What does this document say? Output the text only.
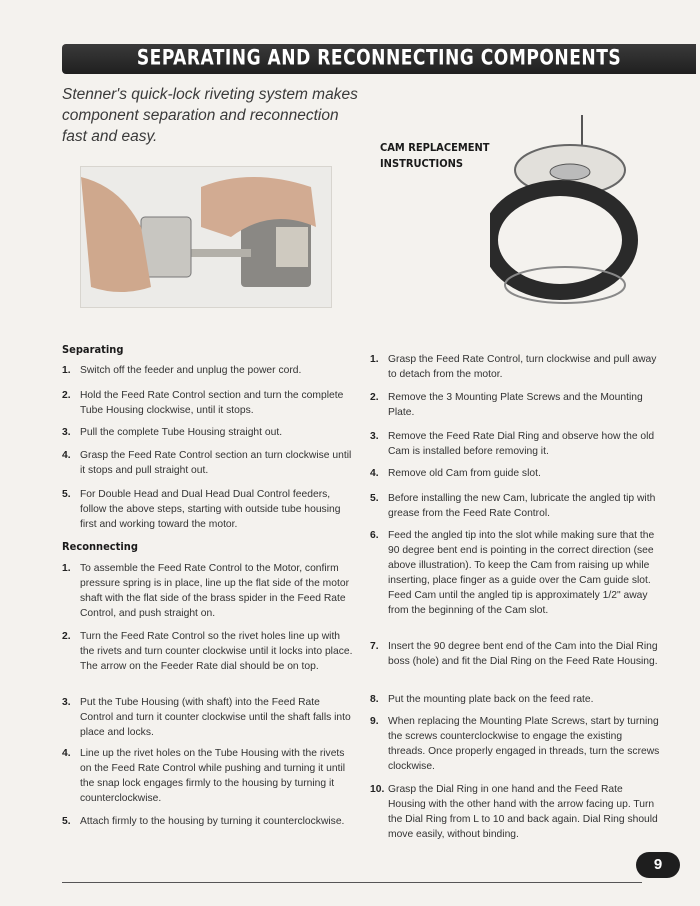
SEPARATING AND RECONNECTING COMPONENTS
Stenner's quick-lock riveting system makes component separation and reconnection fast and easy.
CAM REPLACEMENT INSTRUCTIONS
Separating
Reconnecting
1. Switch off the feeder and unplug the power cord.
2. Hold the Feed Rate Control section and turn the complete Tube Housing clockwise, until it stops.
3. Pull the complete Tube Housing straight out.
4. Grasp the Feed Rate Control section an turn clockwise until it stops and pull straight out.
5. For Double Head and Dual Head Dual Control feeders, follow the above steps, starting with outside tube housing first and working toward the motor.
1. To assemble the Feed Rate Control to the Motor, confirm pressure spring is in place, line up the flat side of the motor shaft with the flat side of the brass spider in the Feed Rate Control, and push straight on.
2. Turn the Feed Rate Control so the rivet holes line up with the rivets and turn counter clockwise until it locks into place. The arrow on the Feeder Rate dial should be on top.
3. Put the Tube Housing (with shaft) into the Feed Rate Control and turn it counter clockwise until the shaft falls into place and locks.
4. Line up the rivet holes on the Tube Housing with the rivets on the Feed Rate Control while pushing and turning it until the snap lock engages firmly to the housing by turning it counterclockwise.
5. Attach firmly to the housing by turning it counterclockwise.
1. Grasp the Feed Rate Control, turn clockwise and pull away to detach from the motor.
2. Remove the 3 Mounting Plate Screws and the Mounting Plate.
3. Remove the Feed Rate Dial Ring and observe how the old Cam is installed before removing it.
4. Remove old Cam from guide slot.
5. Before installing the new Cam, lubricate the angled tip with grease from the Feed Rate Control.
6. Feed the angled tip into the slot while making sure that the 90 degree bent end is pointing in the correct direction (see above illustration). To keep the Cam from raising up while inserting, place finger as a guide over the Cam guide slot. Feed Cam until the angled tip is approximately 1/2" away from the beginning of the Cam slot.
7. Insert the 90 degree bent end of the Cam into the Dial Ring boss (hole) and fit the Dial Ring on the Feed Rate Housing.
8. Put the mounting plate back on the feed rate.
9. When replacing the Mounting Plate Screws, start by turning the screws counterclockwise to engage the existing threads. Once properly engaged in threads, turn the screws clockwise.
10. Grasp the Dial Ring in one hand and the Feed Rate Housing with the other hand with the arrow facing up. Turn the Dial Ring from L to 10 and back again. Dial Ring should move easily, without binding.
9
